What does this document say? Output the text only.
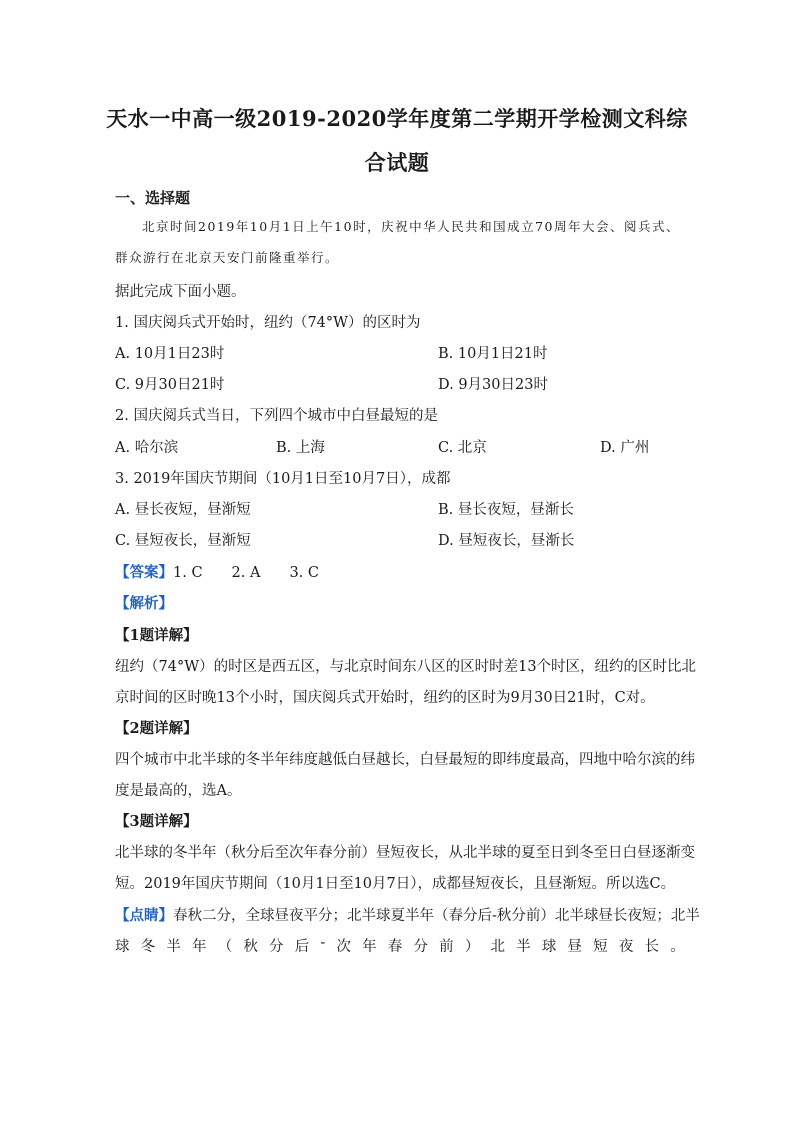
天水一中高一级2019-2020学年度第二学期开学检测文科综
合试题
一、选择题
北京时间2019年10月1日上午10时，庆祝中华人民共和国成立70周年大会、阅兵式、
群众游行在北京天安门前隆重举行。
据此完成下面小题。
1. 国庆阅兵式开始时，纽约（74°W）的区时为
A. 10月1日23时	B. 10月1日21时
C. 9月30日21时	D. 9月30日23时
2. 国庆阅兵式当日，下列四个城市中白昼最短的是
A. 哈尔滨	B. 上海	C. 北京	D. 广州
3. 2019年国庆节期间（10月1日至10月7日），成都
A. 昼长夜短，昼渐短	B. 昼长夜短，昼渐长
C. 昼短夜长，昼渐短	D. 昼短夜长，昼渐长
【答案】1. C　　2. A　　3. C
【解析】
【1题详解】
纽约（74°W）的时区是西五区，与北京时间东八区的区时时差13个时区，纽约的区时比北
京时间的区时晚13个小时，国庆阅兵式开始时，纽约的区时为9月30日21时，C对。
【2题详解】
四个城市中北半球的冬半年纬度越低白昼越长，白昼最短的即纬度最高，四地中哈尔滨的纬
度是最高的，选A。
【3题详解】
北半球的冬半年（秋分后至次年春分前）昼短夜长，从北半球的夏至日到冬至日白昼逐渐变
短。2019年国庆节期间（10月1日至10月7日），成都昼短夜长，且昼渐短。所以选C。
【点睛】春秋二分，全球昼夜平分；北半球夏半年（春分后-秋分前）北半球昼长夜短；北半
球 冬 半 年 （ 秋 分 后 - 次 年 春 分 前 ） 北 半 球 昼 短 夜 长 。
